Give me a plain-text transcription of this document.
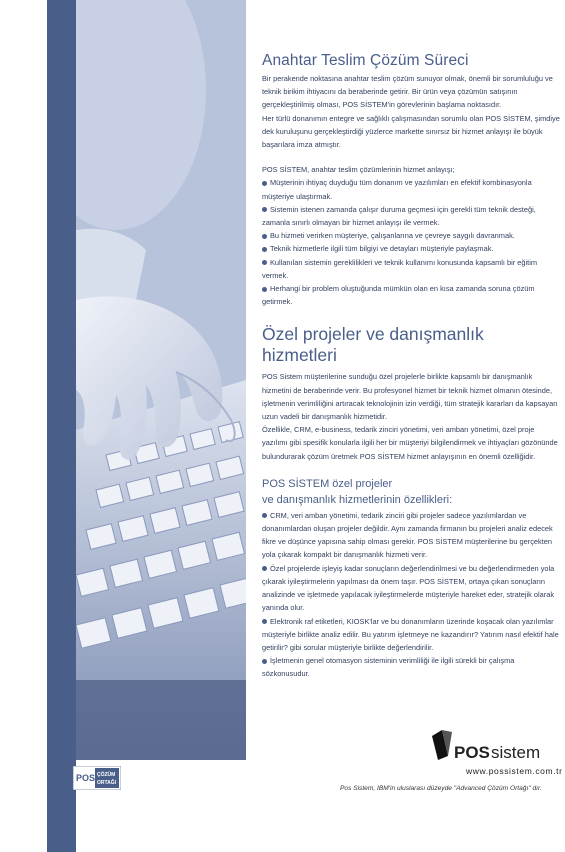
Anahtar Teslim Çözüm Süreci

Bir perakende noktasına anahtar teslim çözüm sunuyor olmak, önemli bir sorumluluğu ve teknik birikim ihtiyacını da beraberinde getirir. Bir ürün veya çözümün satışının gerçekleştirilmiş olması, POS SİSTEM'in görevlerinin başlama noktasıdır.

Her türlü donanımın entegre ve sağlıklı çalışmasından sorumlu olan POS SİSTEM, şimdiye dek kuruluşunu gerçekleştirdiği yüzlerce markette sınırsız bir hizmet anlayışı ile büyük başarılara imza atmıştır.

POS SİSTEM, anahtar teslim çözümlerinin hizmet anlayışı;

Müşterinin ihtiyaç duyduğu tüm donanım ve yazılımları en efektif kombinasyonla müşteriye ulaştırmak.
Sistemin istenen zamanda çalışır duruma geçmesi için gerekli tüm teknik desteği, zamanla sınırlı olmayan bir hizmet anlayışı ile vermek.
Bu hizmeti verirken müşteriye, çalışanlarına ve çevreye saygılı davranmak.
Teknik hizmetlerle ilgili tüm bilgiyi ve detayları müşteriyle paylaşmak.
Kullanılan sistemin gereklilikleri ve teknik kullanımı konusunda kapsamlı bir eğitim vermek.
Herhangi bir problem oluştuğunda mümkün olan en kısa zamanda soruna çözüm getirmek.
Özel projeler ve danışmanlık hizmetleri

POS Sistem müşterilerine sunduğu özel projelerle birlikte kapsamlı bir danışmanlık hizmetini de beraberinde verir. Bu profesyonel hizmet bir teknik hizmet olmanın ötesinde, işletmenin verimliliğini artıracak teknolojinin izin verdiği, tüm stratejik kararları da kapsayan uzun vadeli bir danışmanlık hizmetidir.

Özellikle, CRM, e-business, tedarik zinciri yönetimi, veri ambarı yönetimi, özel proje yazılımı gibi spesifik konularla ilgili her bir müşteriyi bilgilendirmek ve ihtiyaçları gözönünde bulundurarak çözüm üretmek POS SİSTEM hizmet anlayışının en önemli özelliğidir.

POS SİSTEM özel projeler
ve danışmanlık hizmetlerinin özellikleri:
CRM, veri amban yönetimi, tedarik zinciri gibi projeler sadece yazılımlardan ve donanımlardan oluşan projeler değildir. Aynı zamanda firmanın bu projeleri analiz edecek fikre ve düşünce yapısına sahip olması gerekir. POS SİSTEM müşterilerine bu gerçekten yola çıkarak kompakt bir danışmanlık hizmeti verir.
Özel projelerde işleyiş kadar sonuçların değerlendirilmesi ve bu değerlendirmeden yola çıkarak iyileştirmelerin yapılması da önem taşır. POS SİSTEM, ortaya çıkan sonuçların analizinde ve işletmede yapılacak iyileştirmelerde müşteriyle hareket eder, stratejik olarak yanında olur.
Elektronik raf etiketleri, KIOSK'lar ve bu donanımların üzerinde koşacak olan yazılımlar müşteriyle birlikte analiz edilir. Bu yatırım işletmeye ne kazandırır? Yatırım nasıl efektif hale getirilir? gibi sorular müşteriyle birlikte değerlendirilir.
İşletmenin genel otomasyon sisteminin verimliliği ile ilgili sürekli bir çalışma sözkonusudur.
POS ÇÖZÜM
ORTAĞI
POS sistem
www.possistem.com.tr
Pos Sistem, IBM'in uluslarası düzeyde "Advanced Çözüm Ortağı" dır.
